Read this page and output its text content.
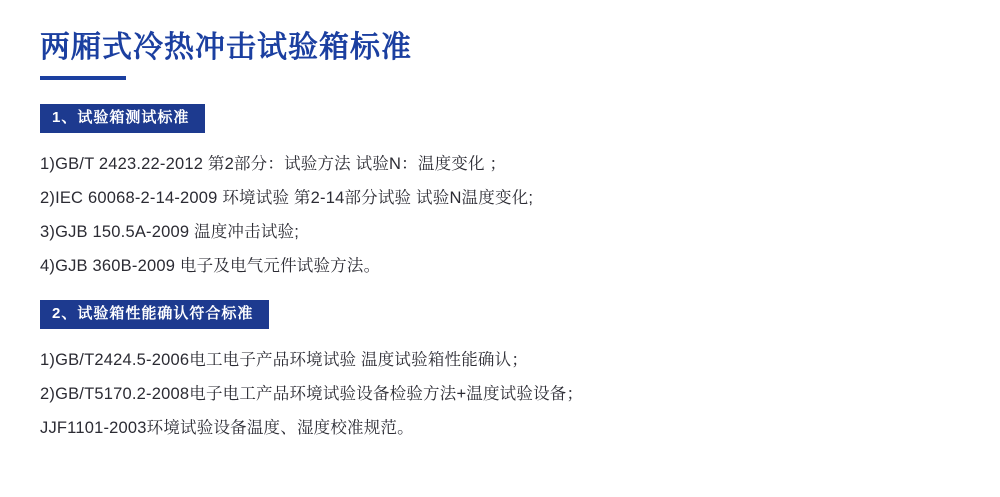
两厢式冷热冲击试验箱标准
1、试验箱测试标准
1)GB/T 2423.22-2012 第2部分：试验方法 试验N：温度变化 ；
2)IEC 60068-2-14-2009 环境试验 第2-14部分试验 试验N温度变化;
3)GJB 150.5A-2009 温度冲击试验;
4)GJB 360B-2009 电子及电气元件试验方法。
2、试验箱性能确认符合标准
1)GB/T2424.5-2006电工电子产品环境试验 温度试验箱性能确认；
2)GB/T5170.2-2008电子电工产品环境试验设备检验方法+温度试验设备；
JJF1101-2003环境试验设备温度、湿度校准规范。
